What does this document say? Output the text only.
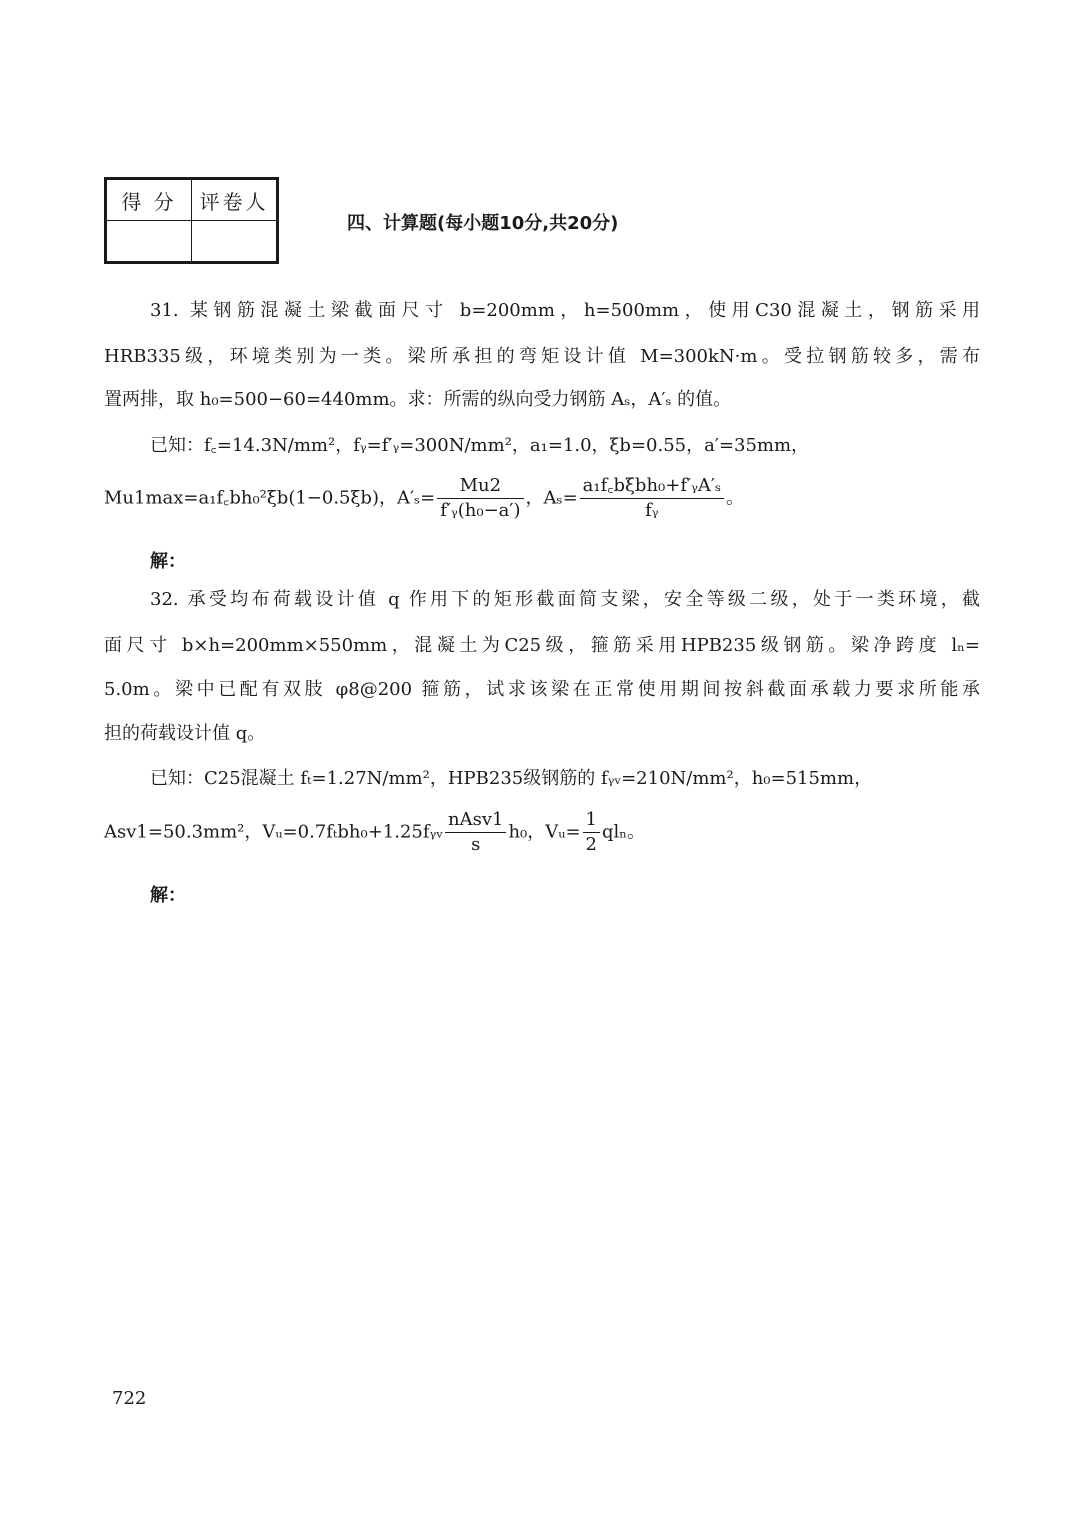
得 分	评卷人

四、计算题(每小题10分,共20分)
31. 某钢筋混凝土梁截面尺寸 b=200mm，h=500mm，使用C30混凝土，钢筋采用
HRB335级，环境类别为一类。梁所承担的弯矩设计值 M=300kN·m。受拉钢筋较多，需布
置两排，取 h₀=500−60=440mm。求：所需的纵向受力钢筋 Aₛ，A′ₛ 的值。
已知：f꜀=14.3N/mm²，fᵧ=f′ᵧ=300N/mm²，a₁=1.0，ξb=0.55，a′=35mm，
Mu1max=a₁f꜀bh₀²ξb(1−0.5ξb)，$A'_s= \frac{Mu2}{\text{f′ᵧ(h₀−a′)}}$ ，$A_s= \frac{\text{a₁f꜀bξbh₀+f′ᵧA′ₛ}}{\text{fᵧ}}$ 。
解：
32. 承受均布荷载设计值 q 作用下的矩形截面简支梁，安全等级二级，处于一类环境，截
面尺寸 b×h=200mm×550mm，混凝土为C25级，箍筋采用HPB235级钢筋。梁净跨度 lₙ=
5.0m。梁中已配有双肢 φ8@200 箍筋，试求该梁在正常使用期间按斜截面承载力要求所能承
担的荷载设计值 q。
已知：C25混凝土 fₜ=1.27N/mm²，HPB235级钢筋的 fᵧᵥ=210N/mm²，h₀=515mm，
Asv1=50.3mm²，Vᵤ=0.7fₜbh₀+1.25fᵧᵥ $\frac{\text{nAsv1}}{s} h_0$，Vᵤ= $\frac{1}{2}$ qlₙ。
解：
722
